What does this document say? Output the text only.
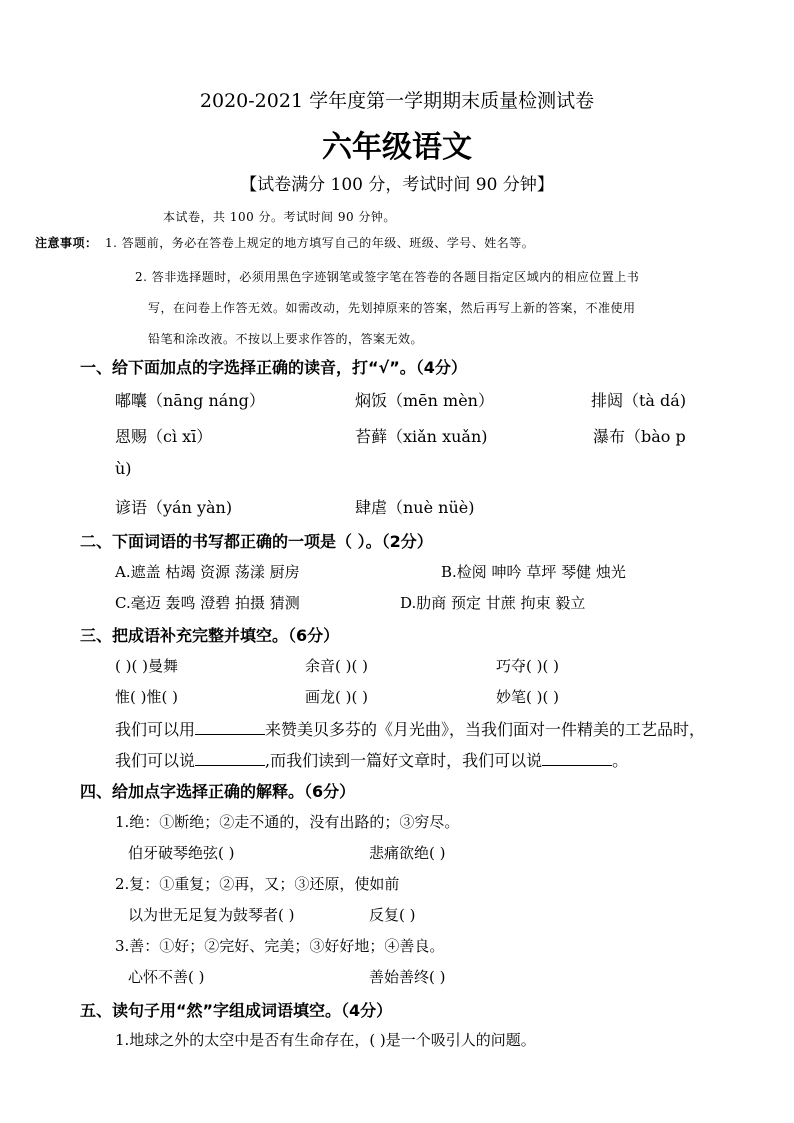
2020-2021 学年度第一学期期末质量检测试卷
六年级语文
【试卷满分 100 分，考试时间 90 分钟】
本试卷，共 100 分。考试时间 90 分钟。
注意事项： 1. 答题前，务必在答卷上规定的地方填写自己的年级、班级、学号、姓名等。
2. 答非选择题时，必须用黑色字迹钢笔或签字笔在答卷的各题目指定区域内的相应位置上书
写，在问卷上作答无效。如需改动，先划掉原来的答案，然后再写上新的答案，不准使用
铅笔和涂改液。不按以上要求作答的，答案无效。
一、给下面加点的字选择正确的读音，打“√”。（4分）
嘟囔（nāng náng）	焖饭（mēn mèn）	排闼（tà dá)
恩赐（cì xī）	苔藓（xiǎn xuǎn)	瀑布（bào p
ù)
谚语（yán yàn)	肆虐（nuè nüè)
二、下面词语的书写都正确的一项是（ ）。（2分）
A.遮盖 枯竭 资源 荡漾 厨房	B.检阅 呻吟 草坪 琴健 烛光
C.毫迈 轰鸣 澄碧 拍摄 猜测	D.肋商 预定 甘蔗 拘束 毅立
三、把成语补充完整并填空。（6分）
( )( )曼舞	余音( )( )	巧夺( )( )
惟( )惟( )	画龙( )( )	妙笔( )( )
我们可以用	来赞美贝多芬的《月光曲》，当我们面对一件精美的工艺品时，
我们可以说	,而我们读到一篇好文章时，我们可以说	。
四、给加点字选择正确的解释。（6分）
1.绝：①断绝；②走不通的，没有出路的；③穷尽。
伯牙破琴绝弦( )	悲痛欲绝( )
2.复：①重复；②再，又；③还原，使如前
以为世无足复为鼓琴者( )	反复( )
3.善：①好；②完好、完美；③好好地；④善良。
心怀不善( )	善始善终( )
五、读句子用“然”字组成词语填空。（4分）
1.地球之外的太空中是否有生命存在，( )是一个吸引人的问题。
